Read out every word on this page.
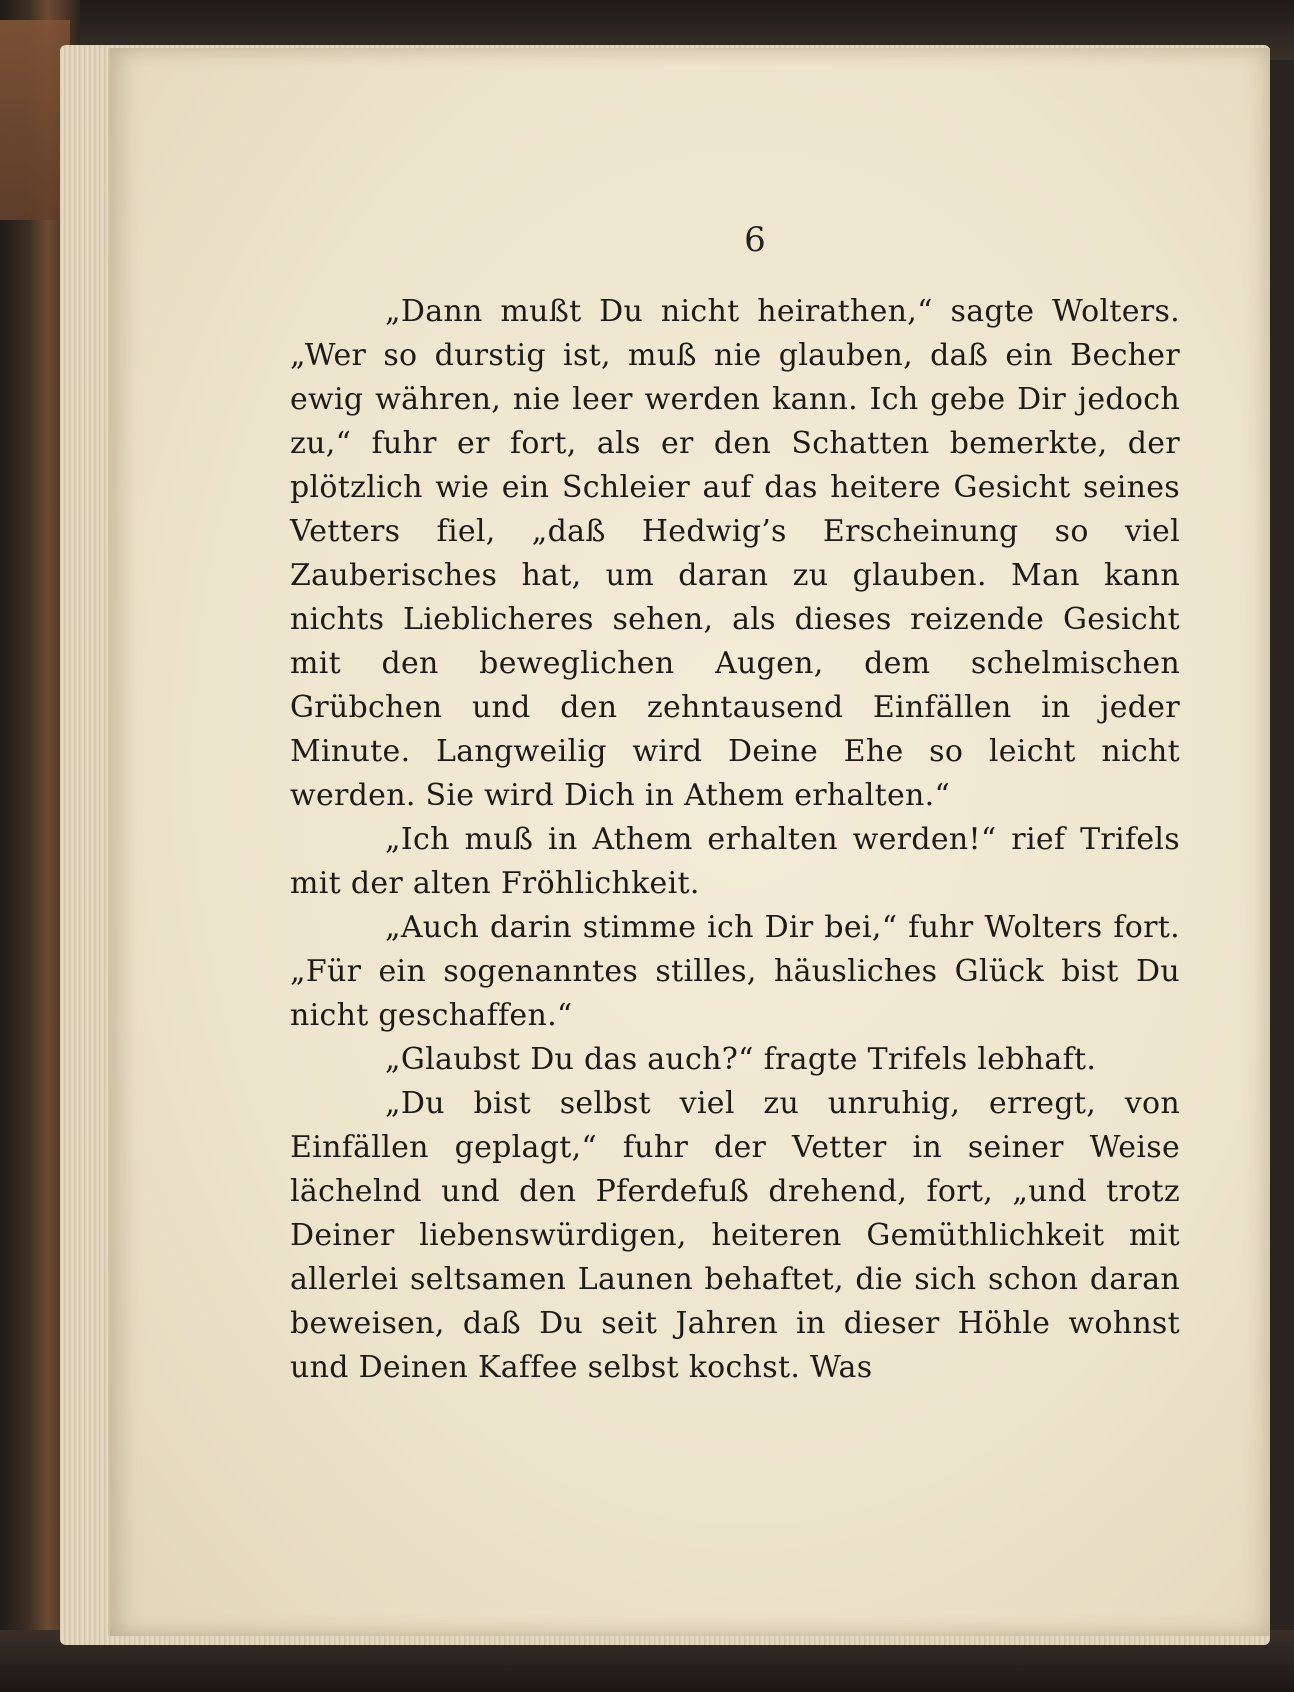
6

„Dann mußt Du nicht heirathen,“ sagte Wolters. „Wer so durstig ist, muß nie glauben, daß ein Becher ewig währen, nie leer werden kann. Ich gebe Dir jedoch zu,“ fuhr er fort, als er den Schatten bemerkte, der plötzlich wie ein Schleier auf das heitere Gesicht seines Vetters fiel, „daß Hedwig’s Erscheinung so viel Zauberisches hat, um daran zu glauben. Man kann nichts Lieblicheres sehen, als dieses reizende Gesicht mit den beweglichen Augen, dem schelmischen Grübchen und den zehntausend Einfällen in jeder Minute. Langweilig wird Deine Ehe so leicht nicht werden. Sie wird Dich in Athem erhalten.“

„Ich muß in Athem erhalten werden!“ rief Trifels mit der alten Fröhlichkeit.

„Auch darin stimme ich Dir bei,“ fuhr Wolters fort. „Für ein sogenanntes stilles, häusliches Glück bist Du nicht geschaffen.“

„Glaubst Du das auch?“ fragte Trifels lebhaft.

„Du bist selbst viel zu unruhig, erregt, von Einfällen geplagt,“ fuhr der Vetter in seiner Weise lächelnd und den Pferdefuß drehend, fort, „und trotz Deiner liebenswürdigen, heiteren Gemüthlichkeit mit allerlei seltsamen Launen behaftet, die sich schon daran beweisen, daß Du seit Jahren in dieser Höhle wohnst und Deinen Kaffee selbst kochst. Was
